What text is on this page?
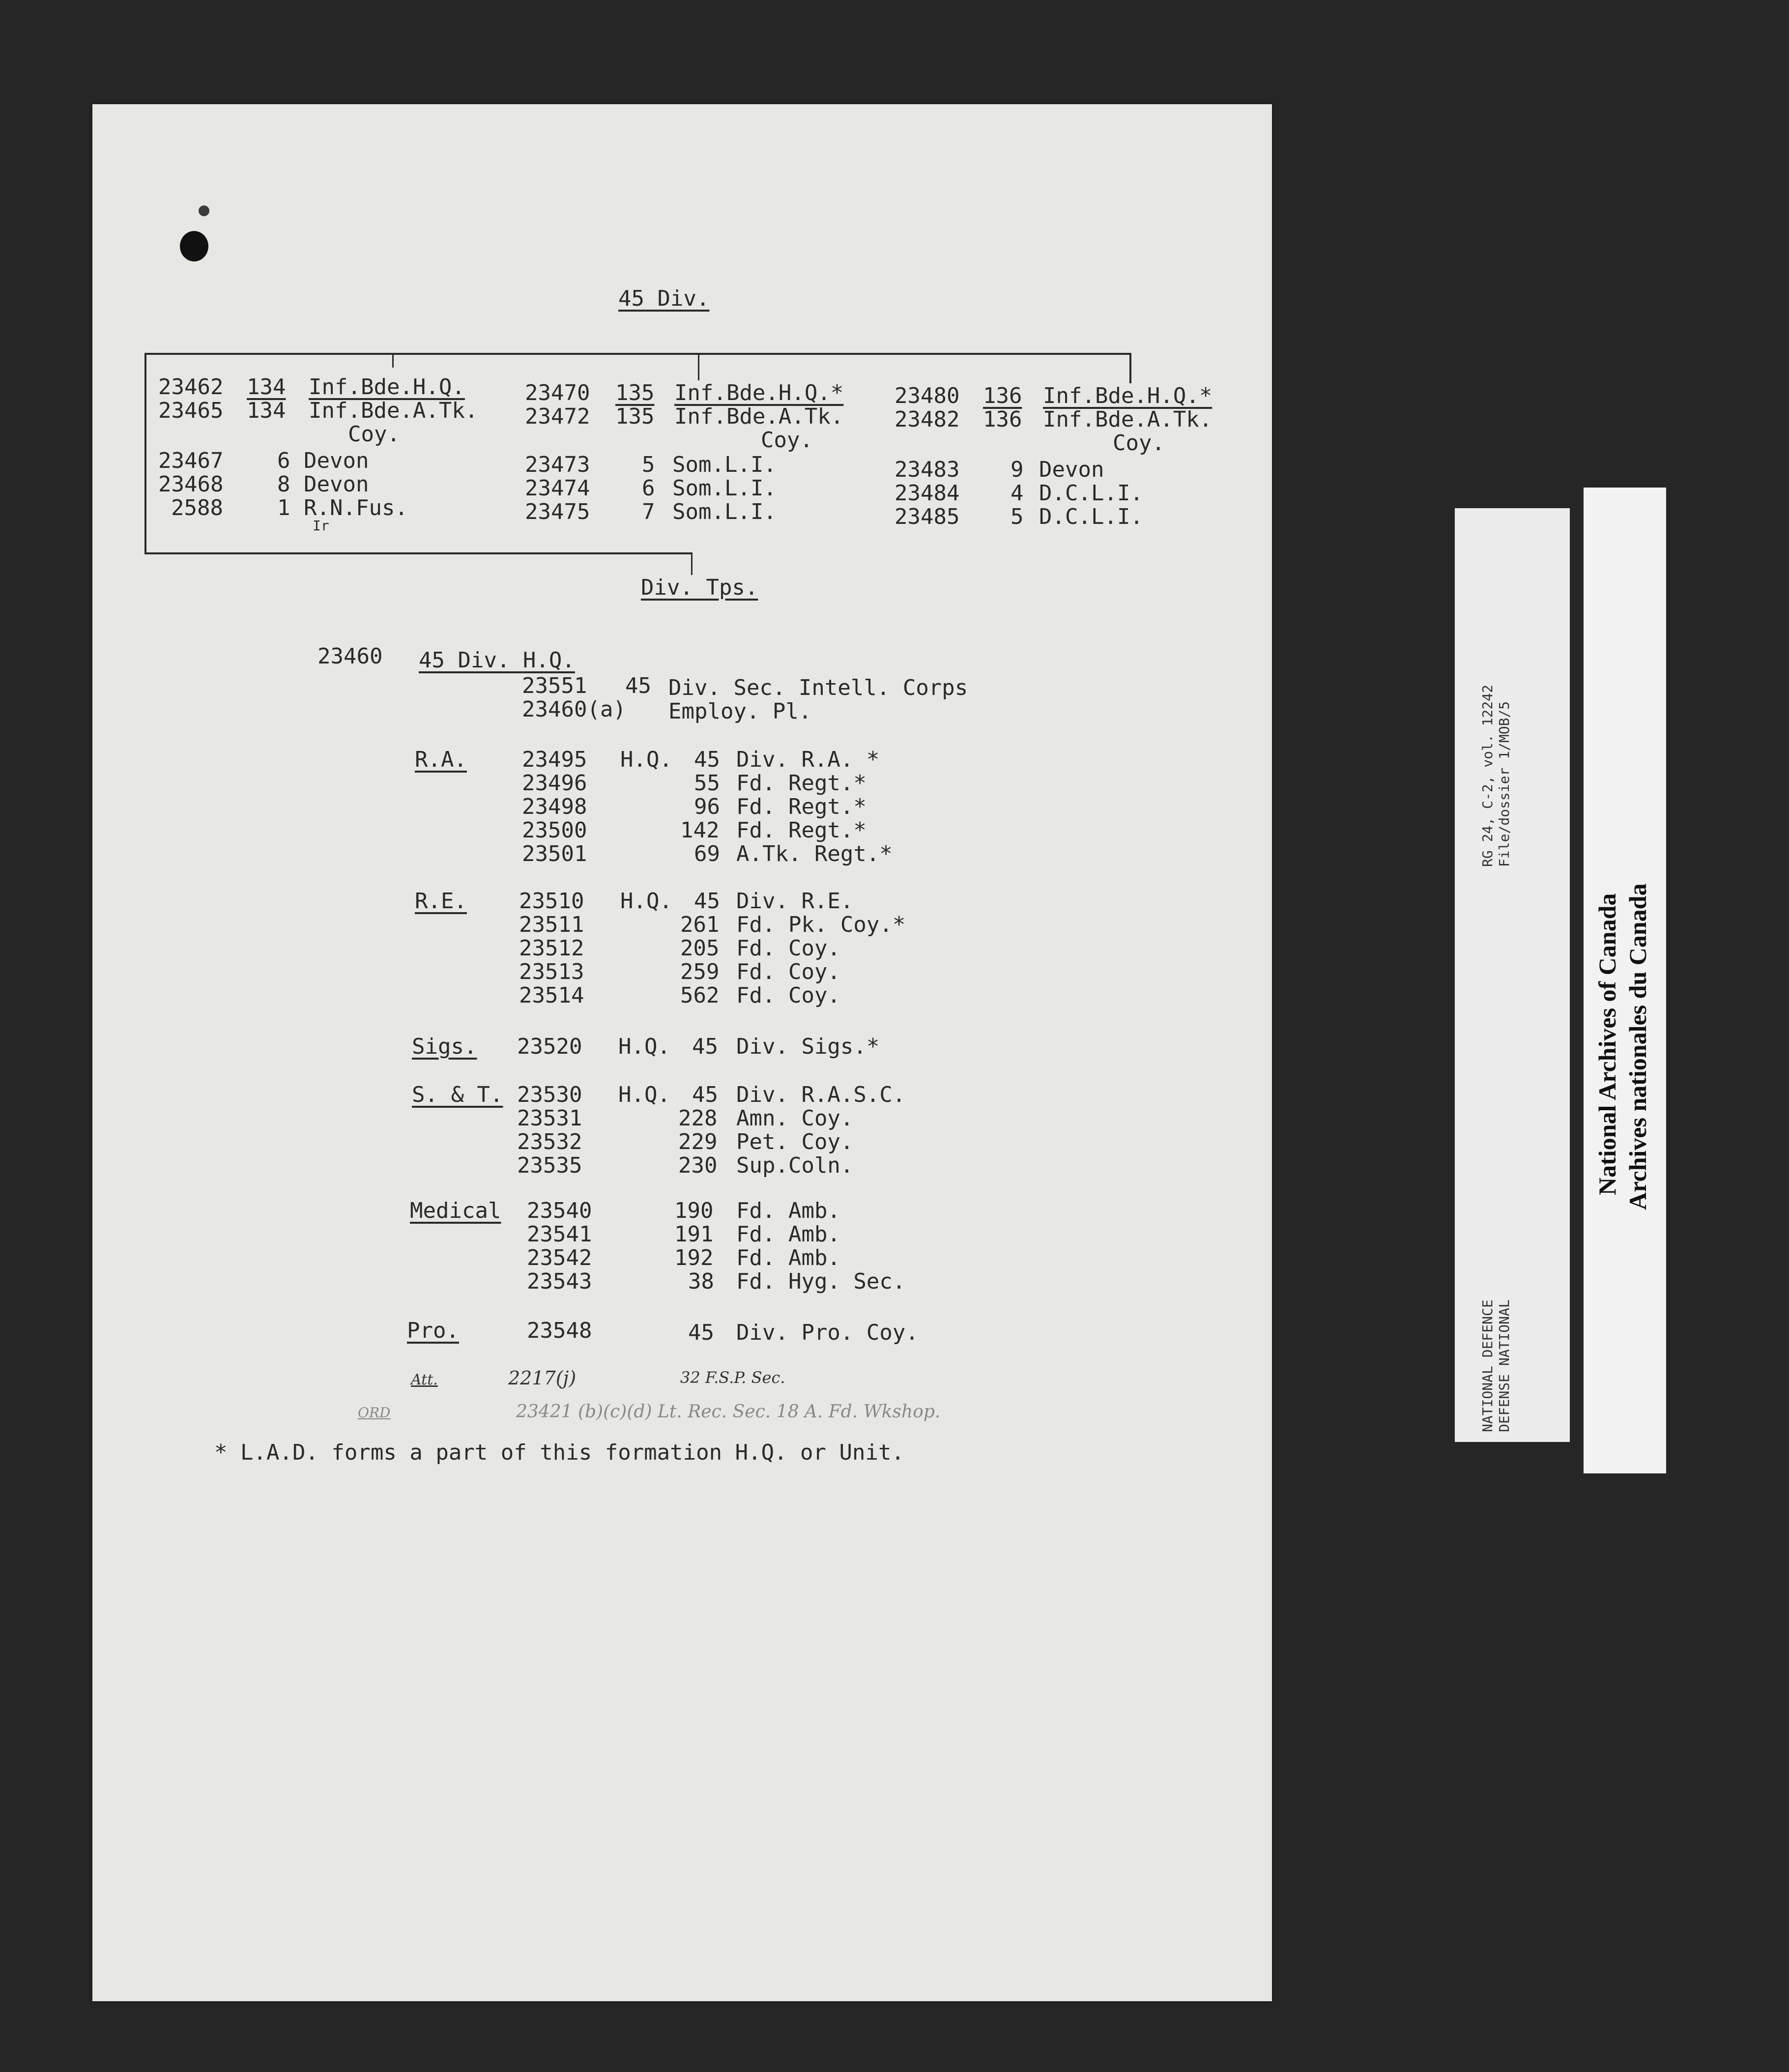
45 Div.
23462 134 Inf.Bde.H.Q.
23465 134 Inf.Bde.A.Tk.
Coy.
23467 6 Devon
23468 8 Devon
2588	1 R.N.Fus.
Ir
23470 135 Inf.Bde.H.Q.*
23472 135 Inf.Bde.A.Tk.
Coy.
23473 5 Som.L.I.
23474 6 Som.L.I.
23475 7 Som.L.I.
23480 136 Inf.Bde.H.Q.*
23482 136 Inf.Bde.A.Tk.
Coy.
23483 9 Devon
23484 4 D.C.L.I.
23485 5 D.C.L.I.
Div. Tps.
23460 45 Div. H.Q.
23551 45 Div. Sec. Intell. Corps
23460(a) Employ. Pl.
R.A.	23495 H.Q. 45 Div. R.A. *
23496	55 Fd. Regt.*
23498	96 Fd. Regt.*
23500	142 Fd. Regt.*
23501	69 A.Tk. Regt.*
R.E. 23510 H.Q. 45 Div. R.E.
23511	261 Fd. Pk. Coy.*
23512	205 Fd. Coy.
23513	259 Fd. Coy.
23514	562 Fd. Coy.
Sigs. 23520 H.Q. 45 Div. Sigs.*
S. & T. 23530 H.Q. 45 Div. R.A.S.C.
23531	228 Amn. Coy.
23532	229 Pet. Coy.
23535	230 Sup.Coln.
Medical 23540	190 Fd. Amb.
23541	191 Fd. Amb.
23542	192 Fd. Amb.
23543	38 Fd. Hyg. Sec.
Pro.	23548	45 Div. Pro. Coy.
Att.	2217(j)	32 F.S.P. Sec.
ORD	23421 (b)(c)(d) Lt. Rec. Sec. 18 A. Fd. Wkshop.
* L.A.D. forms a part of this formation H.Q. or Unit.
RG 24, C-2, vol. 12242 File/dossier 1/MOB/5
NATIONAL DEFENCE DEFENSE NATIONAL
National Archives of Canada Archives nationales du Canada
